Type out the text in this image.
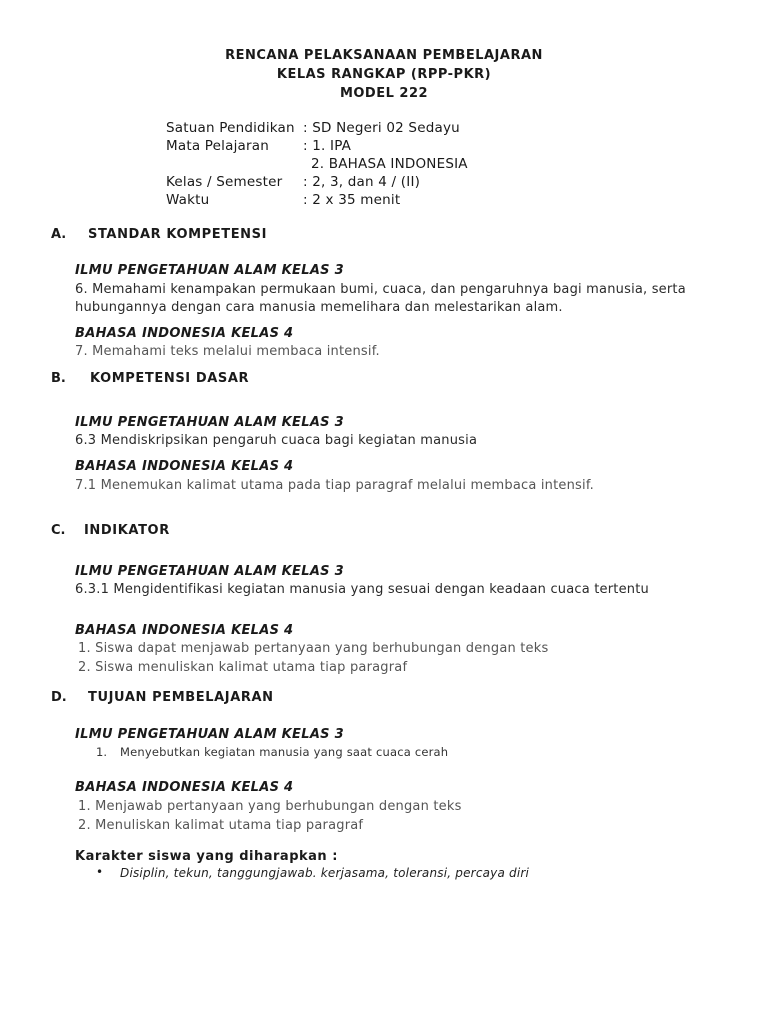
RENCANA PELAKSANAAN PEMBELAJARAN
KELAS RANGKAP (RPP-PKR)
MODEL 222
Satuan Pendidikan : SD Negeri 02 Sedayu
Mata Pelajaran	: 1. IPA
2. BAHASA INDONESIA
Kelas / Semester : 2, 3, dan 4 / (II)
Waktu	: 2 x 35 menit
A. STANDAR KOMPETENSI
ILMU PENGETAHUAN ALAM KELAS 3
6. Memahami kenampakan permukaan bumi, cuaca, dan pengaruhnya bagi manusia, serta
hubungannya dengan cara manusia memelihara dan melestarikan alam.
BAHASA INDONESIA KELAS 4
7. Memahami teks melalui membaca intensif.
B. KOMPETENSI DASAR
ILMU PENGETAHUAN ALAM KELAS 3
6.3 Mendiskripsikan pengaruh cuaca bagi kegiatan manusia
BAHASA INDONESIA KELAS 4
7.1 Menemukan kalimat utama pada tiap paragraf melalui membaca intensif.
C. INDIKATOR
ILMU PENGETAHUAN ALAM KELAS 3
6.3.1 Mengidentifikasi kegiatan manusia yang sesuai dengan keadaan cuaca tertentu
BAHASA INDONESIA KELAS 4
1. Siswa dapat menjawab pertanyaan yang berhubungan dengan teks
2. Siswa menuliskan kalimat utama tiap paragraf
D. TUJUAN PEMBELAJARAN
ILMU PENGETAHUAN ALAM KELAS 3
1. Menyebutkan kegiatan manusia yang saat cuaca cerah
BAHASA INDONESIA KELAS 4
1. Menjawab pertanyaan yang berhubungan dengan teks
2. Menuliskan kalimat utama tiap paragraf
Karakter siswa yang diharapkan :
• Disiplin, tekun, tanggungjawab. kerjasama, toleransi, percaya diri
